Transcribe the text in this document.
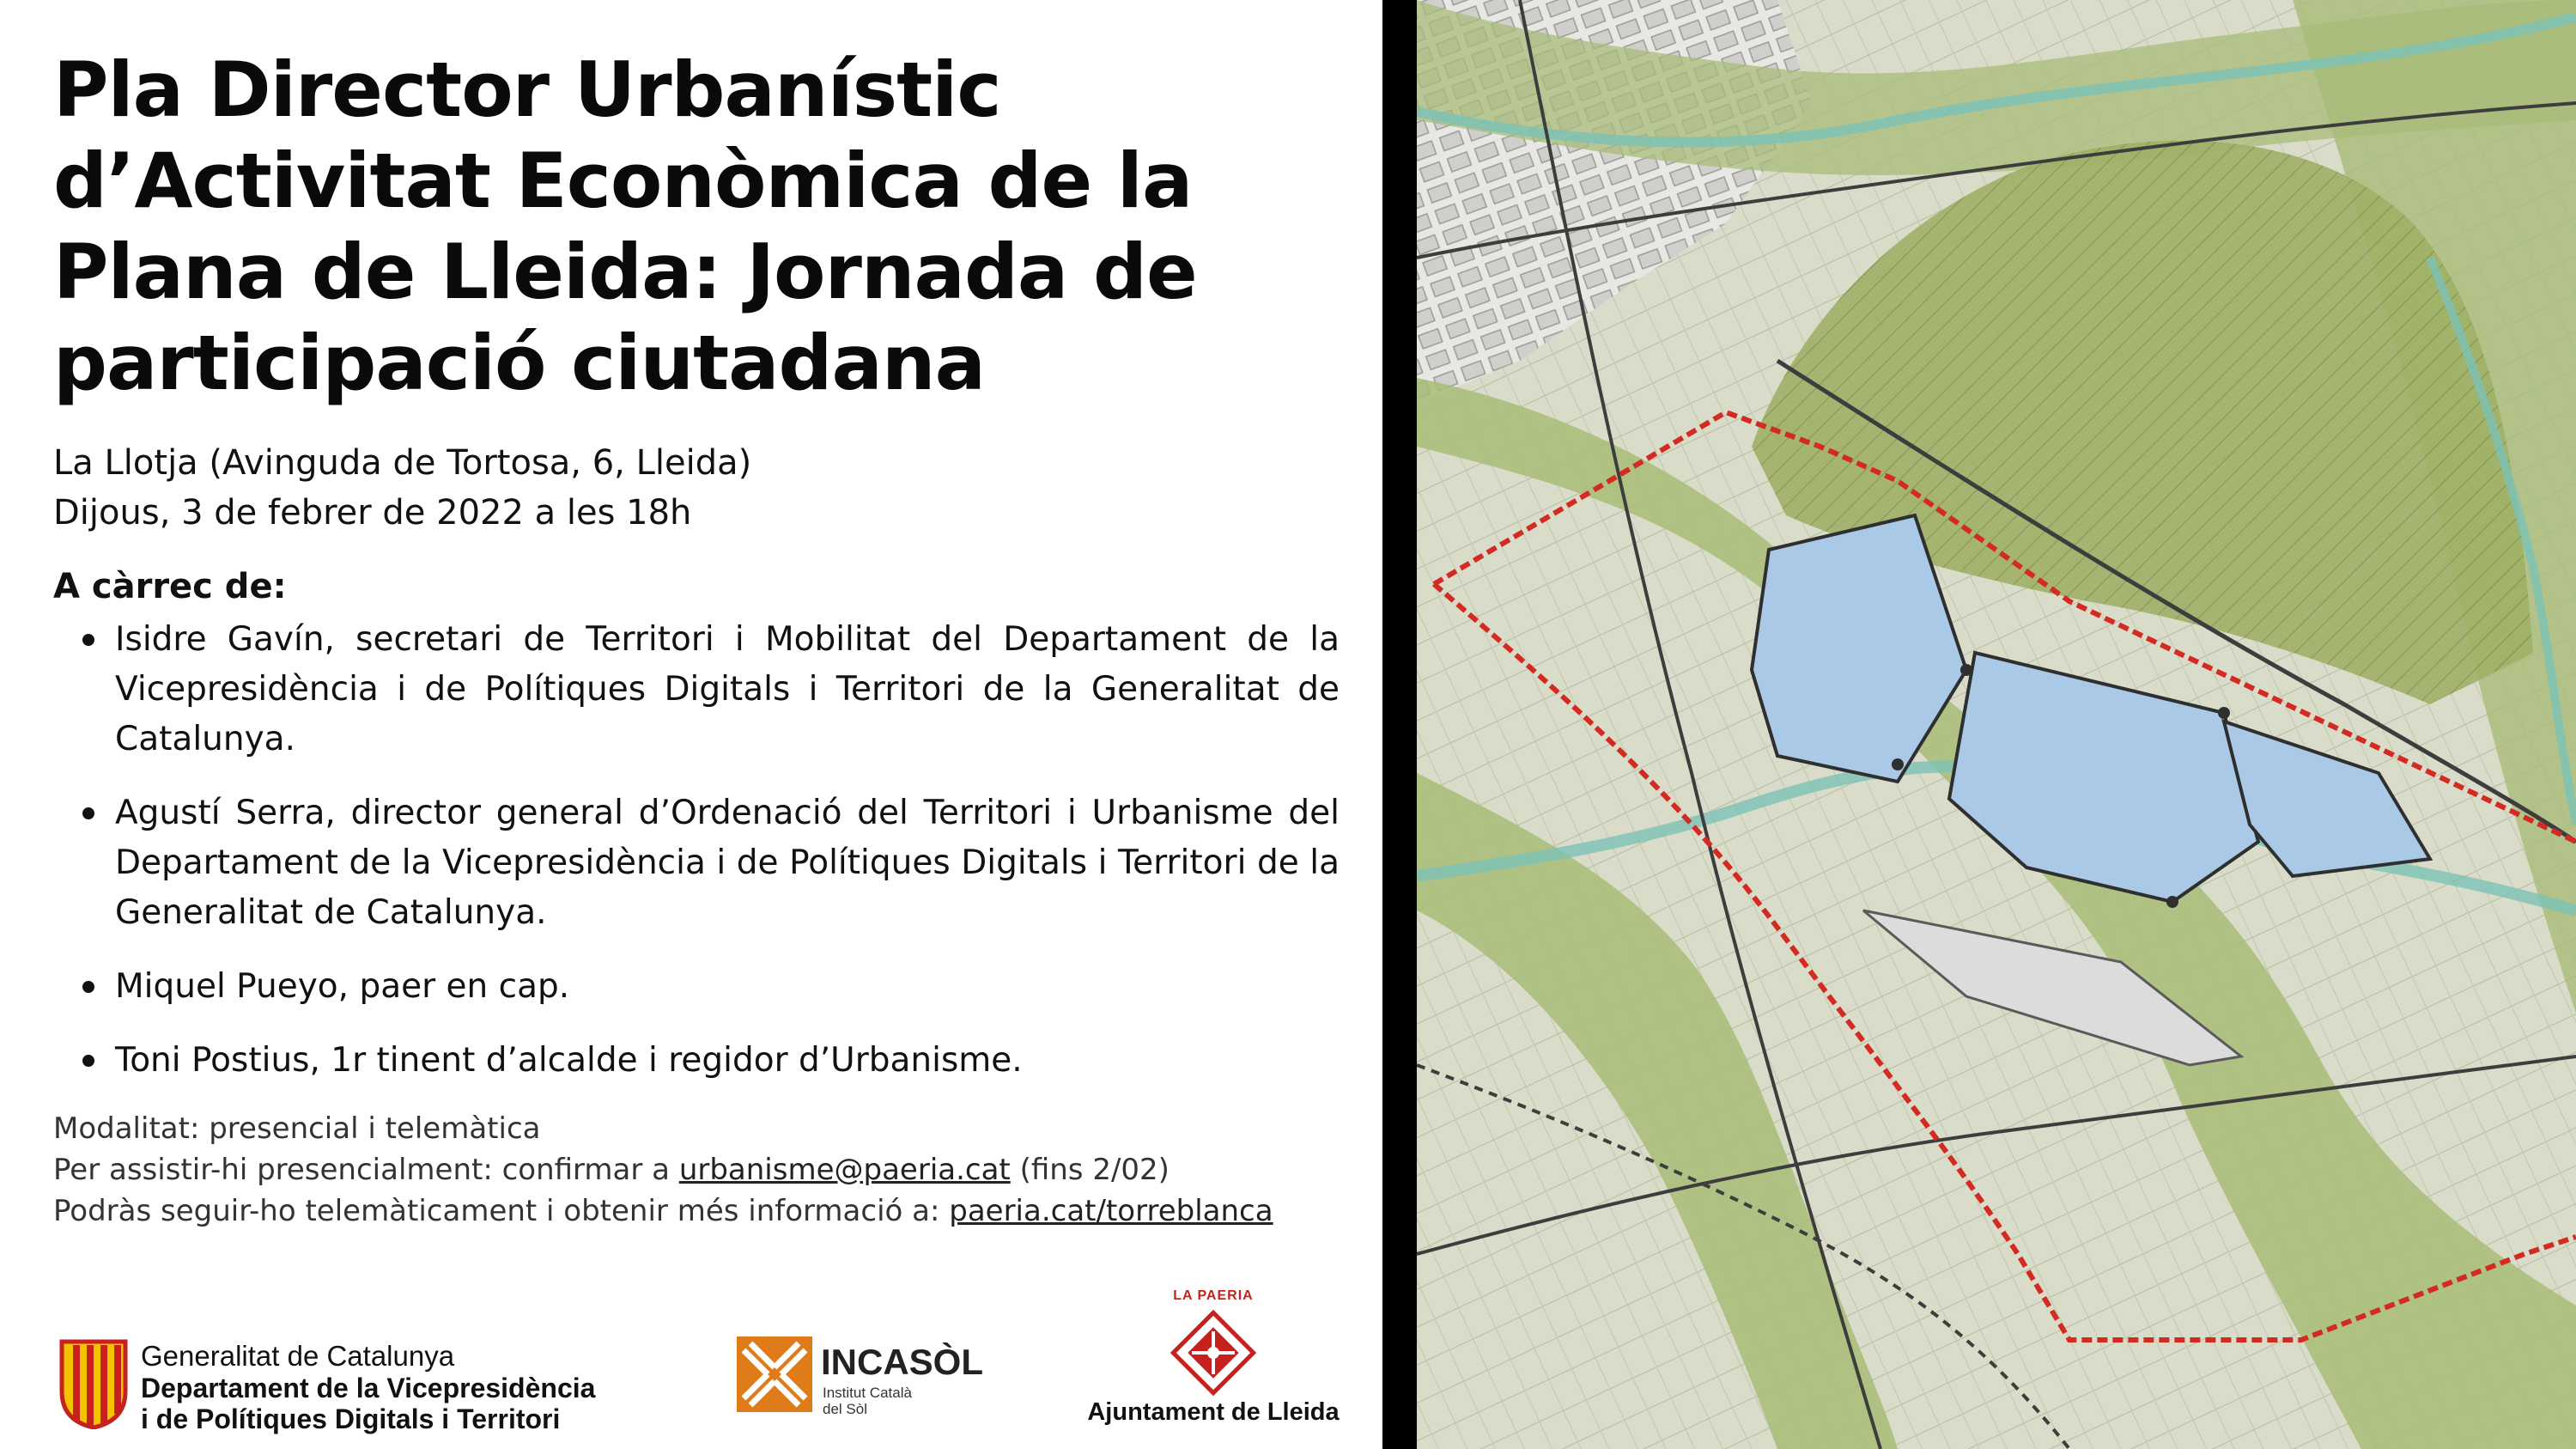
Pla Director Urbanístic d’Activitat Econòmica de la Plana de Lleida: Jornada de participació ciutadana
La Llotja (Avinguda de Tortosa, 6, Lleida)
Dijous, 3 de febrer de 2022 a les 18h
A càrrec de:
Isidre Gavín, secretari de Territori i Mobilitat del Departament de la Vicepresidència i de Polítiques Digitals i Territori de la Generalitat de Catalunya.
Agustí Serra, director general d’Ordenació del Territori i Urbanisme del Departament de la Vicepresidència i de Polítiques Digitals i Territori de la Generalitat de Catalunya.
Miquel Pueyo, paer en cap.
Toni Postius, 1r tinent d’alcalde i regidor d’Urbanisme.
Modalitat: presencial i telemàtica
Per assistir-hi presencialment: confirmar a urbanisme@paeria.cat (fins 2/02)
Podràs seguir-ho telemàticament i obtenir més informació a: paeria.cat/torreblanca
Generalitat de Catalunya
Departament de la Vicepresidència
i de Polítiques Digitals i Territori
INCASÒL
Institut Català
del Sòl
LA PAERIA
Ajuntament de Lleida
